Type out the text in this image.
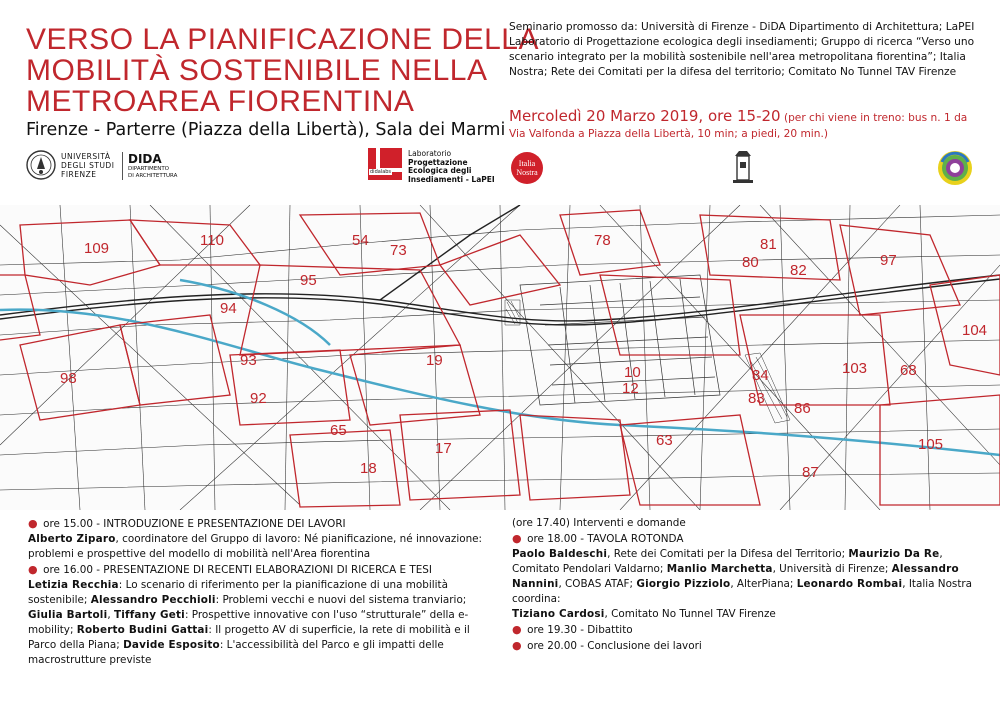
VERSO LA PIANIFICAZIONE DELLA
MOBILITÀ SOSTENIBILE NELLA
METROAREA FIORENTINA
Firenze - Parterre (Piazza della Libertà), Sala dei Marmi
UNIVERSITÀ
DEGLI STUDI
FIRENZE
DIDA
DIPARTIMENTO
DI ARCHITETTURA
didalabs
Laboratorio
Progettazione
Ecologica degli
Insediamenti - LaPEI
Seminario promosso da: Università di Firenze - DiDA Dipartimento di Architettura; LaPEI Laboratorio di Progettazione ecologica degli insediamenti; Gruppo di ricerca “Verso uno scenario integrato per la mobilità sostenibile nell'area metropolitana fiorentina”; Italia Nostra; Rete dei Comitati per la difesa del territorio; Comitato No Tunnel TAV Firenze
Mercoledì 20 Marzo 2019, ore 15-20 (per chi viene in treno: bus n. 1 da Via Valfonda a Piazza della Libertà, 10 min; a piedi, 20 min.)
Italia
Nostra
109	110
73
78
80
81
82
97
95
54
19
93
92
94
98
104
103
84
83
86
87
63	105
17
18
12
10
65
68

● ore 15.00 - INTRODUZIONE E PRESENTAZIONE DEI LAVORI

Alberto Ziparo, coordinatore del Gruppo di lavoro: Né pianificazione, né innovazione: problemi e prospettive del modello di mobilità nell'Area fiorentina

● ore 16.00 - PRESENTAZIONE DI RECENTI ELABORAZIONI DI RICERCA E TESI

Letizia Recchia: Lo scenario di riferimento per la pianificazione di una mobilità sostenibile; Alessandro Pecchioli: Problemi vecchi e nuovi del sistema tranviario; Giulia Bartoli, Tiffany Geti: Prospettive innovative con l'uso “strutturale” della e-mobility; Roberto Budini Gattai: Il progetto AV di superficie, la rete di mobilità e il Parco della Piana; Davide Esposito: L'accessibilità del Parco e gli impatti delle macrostrutture previste

(ore 17.40) Interventi e domande

● ore 18.00 - TAVOLA ROTONDA

Paolo Baldeschi, Rete dei Comitati per la Difesa del Territorio; Maurizio Da Re, Comitato Pendolari Valdarno; Manlio Marchetta, Università di Firenze; Alessandro Nannini, COBAS ATAF; Giorgio Pizziolo, AlterPiana; Leonardo Rombai, Italia Nostra

coordina:

Tiziano Cardosi, Comitato No Tunnel TAV Firenze

● ore 19.30 - Dibattito

● ore 20.00 - Conclusione dei lavori
